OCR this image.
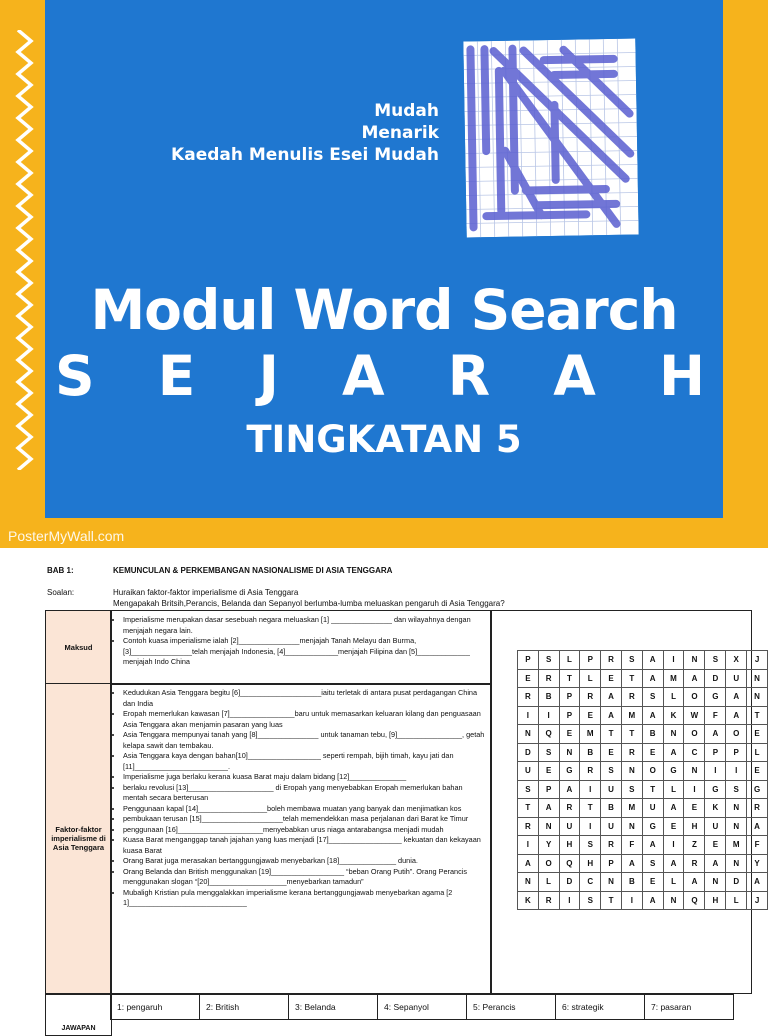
Mudah
Menarik
Kaedah Menulis Esei Mudah
Modul Word Search
S E J A R A H
TINGKATAN 5
PosterMyWall.com
BAB 1:	KEMUNCULAN & PERKEMBANGAN NASIONALISME DI ASIA TENGGARA
Soalan:	Huraikan faktor-faktor imperialisme di Asia Tenggara
Mengapakah Britsih,Perancis, Belanda dan Sepanyol berlumba-lumba meluaskan pengaruh di Asia Tenggara?
Maksud
• Imperialisme merupakan dasar sesebuah negara meluaskan [1] _______________ dan wilayahnya dengan menjajah negara lain.
• Contoh kuasa imperialisme ialah [2]_______________menjajah Tanah Melayu dan Burma, [3]_______________telah menjajah Indonesia, [4]_____________menjajah Filipina dan [5]_____________ menjajah Indo China
Faktor-faktor imperialisme di Asia Tenggara
• Kedudukan Asia Tenggara begitu [6]____________________iaitu terletak di antara pusat perdagangan China dan India
• Eropah memerlukan kawasan [7]________________baru untuk memasarkan keluaran kilang dan penguasaan Asia Tenggara akan menjamin pasaran yang luas
• Asia Tenggara mempunyai tanah yang [8]_______________ untuk tanaman tebu, [9]________________, getah kelapa sawit dan tembakau.
• Asia Tenggara kaya dengan bahan[10]__________________ seperti rempah, bijih timah, kayu jati dan [11]_______________________.
• Imperialisme juga berlaku kerana kuasa Barat maju dalam bidang [12]______________
• berlaku revolusi [13]_____________________ di Eropah yang menyebabkan Eropah memerlukan bahan mentah secara berterusan
• Penggunaan kapal [14]_________________boleh membawa muatan yang banyak dan menjimatkan kos
• pembukaan terusan [15]____________________telah memendekkan masa perjalanan dari Barat ke Timur
• penggunaan [16]_____________________menyebabkan urus niaga antarabangsa menjadi mudah
• Kuasa Barat menganggap tanah jajahan yang luas menjadi [17]__________________ kekuatan dan kekayaan kuasa Barat
• Orang Barat juga merasakan bertanggungjawab menyebarkan [18]______________ dunia.
• Orang Belanda dan British menggunakan [19]__________________ “beban Orang Putih”. Orang Perancis menggunakan slogan “[20]___________________menyebarkan tamadun”
• Mubaligh Kristian pula menggalakkan imperialisme kerana bertanggungjawab menyebarkan agama [2 1]_____________________________
P	S	L	P	R	S	A	I	N	S	X	J
E	R	T	L	E	T	A	M	A	D	U	N
R	B	P	R	A	R	S	L	O	G	A	N
I	I	P	E	A	M	A	K	W	F	A	T
N	Q	E	M	T	T	B	N	O	A	O	E
D	S	N	B	E	R	E	A	C	P	P	L
U	E	G	R	S	N	O	G	N	I	I	E
S	P	A	I	U	S	T	L	I	G	S	G
T	A	R	T	B	M	U	A	E	K	N	R
R	N	U	I	U	N	G	E	H	U	N	A
I	Y	H	S	R	F	A	I	Z	E	M	F
A	O	Q	H	P	A	S	A	R	A	N	Y
N	L	D	C	N	B	E	L	A	N	D	A
K	R	I	S	T	I	A	N	Q	H	L	J
JAWAPAN
1: pengaruh	2: British	3: Belanda	4: Sepanyol	5: Perancis	6: strategik	7: pasaran
